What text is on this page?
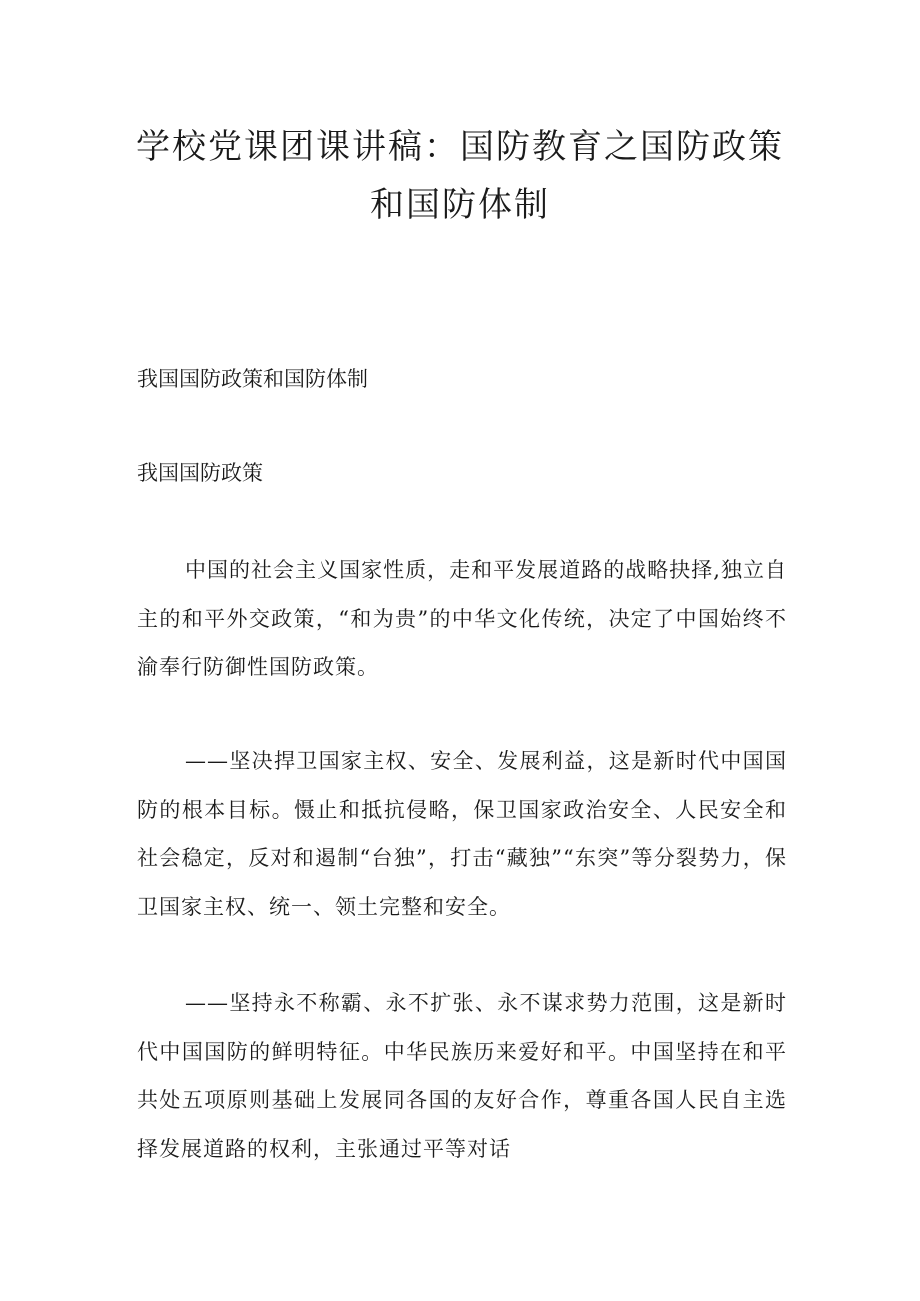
学校党课团课讲稿：国防教育之国防政策和国防体制
我国国防政策和国防体制
我国国防政策

中国的社会主义国家性质，走和平发展道路的战略抉择,独立自主的和平外交政策，“和为贵”的中华文化传统，决定了中国始终不渝奉行防御性国防政策。

——坚决捍卫国家主权、安全、发展利益，这是新时代中国国防的根本目标。慑止和抵抗侵略，保卫国家政治安全、人民安全和社会稳定，反对和遏制“台独”，打击“藏独”“东突”等分裂势力，保卫国家主权、统一、领土完整和安全。

——坚持永不称霸、永不扩张、永不谋求势力范围，这是新时代中国国防的鲜明特征。中华民族历来爱好和平。中国坚持在和平共处五项原则基础上发展同各国的友好合作，尊重各国人民自主选择发展道路的权利，主张通过平等对话
